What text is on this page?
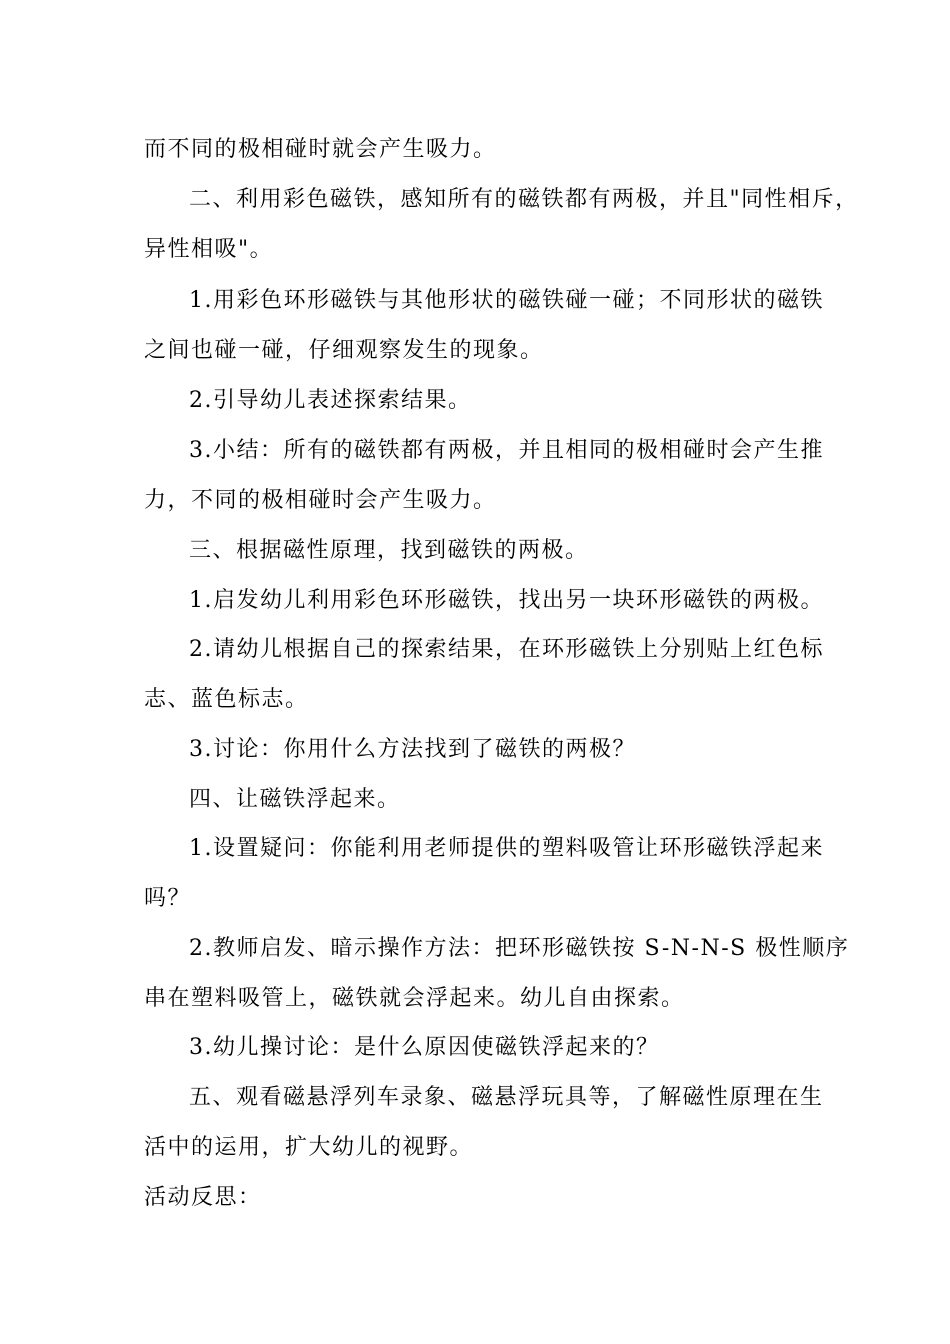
而不同的极相碰时就会产生吸力。
二、利用彩色磁铁，感知所有的磁铁都有两极，并且"同性相斥，
异性相吸"。
1.用彩色环形磁铁与其他形状的磁铁碰一碰；不同形状的磁铁
之间也碰一碰，仔细观察发生的现象。
2.引导幼儿表述探索结果。
3.小结：所有的磁铁都有两极，并且相同的极相碰时会产生推
力，不同的极相碰时会产生吸力。
三、根据磁性原理，找到磁铁的两极。
1.启发幼儿利用彩色环形磁铁，找出另一块环形磁铁的两极。
2.请幼儿根据自己的探索结果，在环形磁铁上分别贴上红色标
志、蓝色标志。
3.讨论：你用什么方法找到了磁铁的两极？
四、让磁铁浮起来。
1.设置疑问：你能利用老师提供的塑料吸管让环形磁铁浮起来
吗？
2.教师启发、暗示操作方法：把环形磁铁按 S-N-N-S 极性顺序
串在塑料吸管上，磁铁就会浮起来。幼儿自由探索。
3.幼儿操讨论：是什么原因使磁铁浮起来的？
五、观看磁悬浮列车录象、磁悬浮玩具等，了解磁性原理在生
活中的运用，扩大幼儿的视野。
活动反思：
